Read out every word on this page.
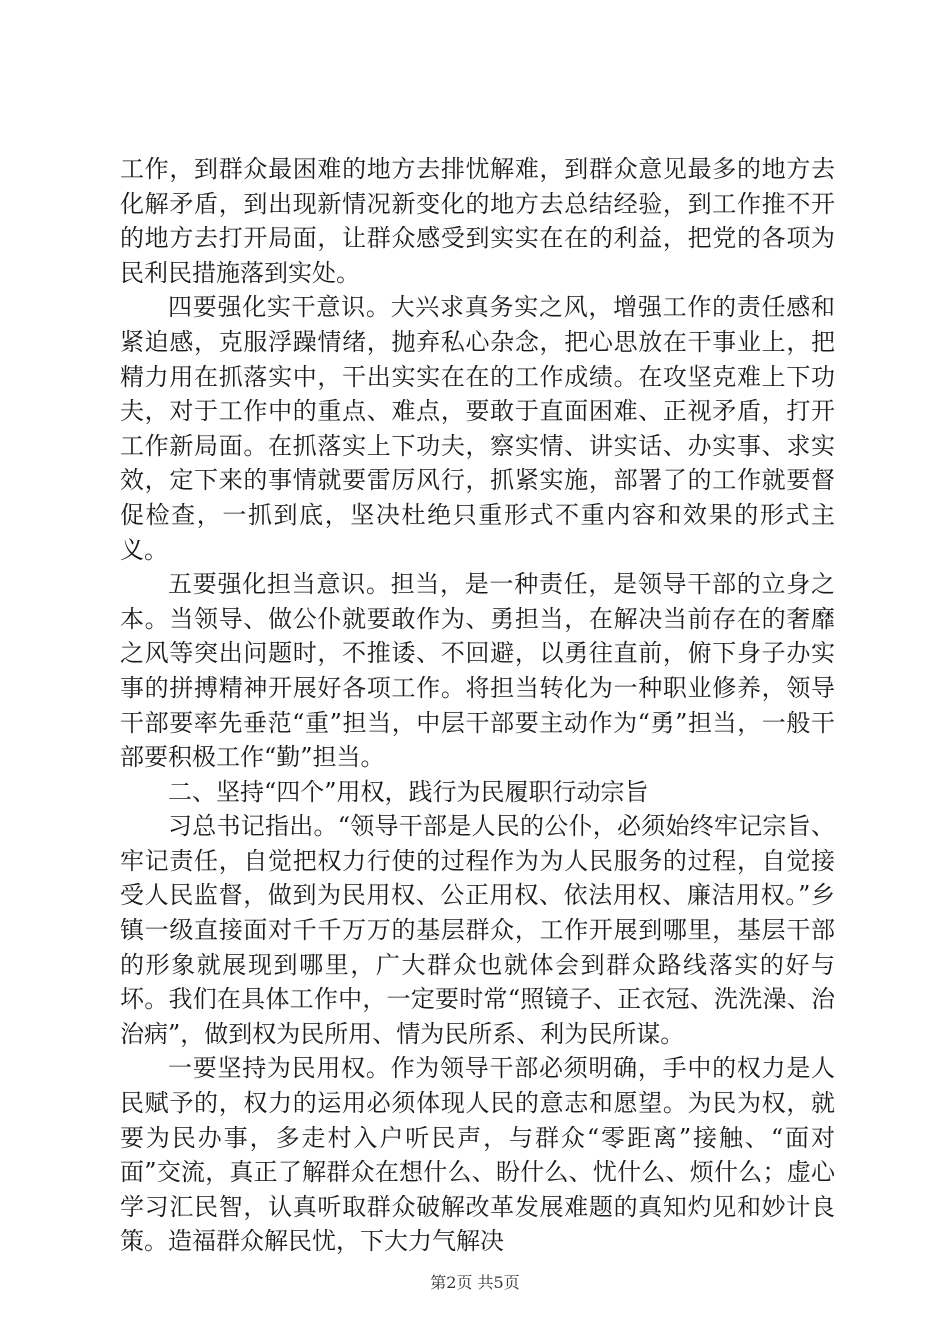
工作，到群众最困难的地方去排忧解难，到群众意见最多的地方去化解矛盾，到出现新情况新变化的地方去总结经验，到工作推不开的地方去打开局面，让群众感受到实实在在的利益，把党的各项为民利民措施落到实处。

四要强化实干意识。大兴求真务实之风，增强工作的责任感和紧迫感，克服浮躁情绪，抛弃私心杂念，把心思放在干事业上，把精力用在抓落实中，干出实实在在的工作成绩。在攻坚克难上下功夫，对于工作中的重点、难点，要敢于直面困难、正视矛盾，打开工作新局面。在抓落实上下功夫，察实情、讲实话、办实事、求实效，定下来的事情就要雷厉风行，抓紧实施，部署了的工作就要督促检查，一抓到底，坚决杜绝只重形式不重内容和效果的形式主义。

五要强化担当意识。担当，是一种责任，是领导干部的立身之本。当领导、做公仆就要敢作为、勇担当，在解决当前存在的奢靡之风等突出问题时，不推诿、不回避，以勇往直前，俯下身子办实事的拼搏精神开展好各项工作。将担当转化为一种职业修养，领导干部要率先垂范“重”担当，中层干部要主动作为“勇”担当，一般干部要积极工作“勤”担当。

二、坚持“四个”用权，践行为民履职行动宗旨

习总书记指出。“领导干部是人民的公仆，必须始终牢记宗旨、牢记责任，自觉把权力行使的过程作为为人民服务的过程，自觉接受人民监督，做到为民用权、公正用权、依法用权、廉洁用权。”乡镇一级直接面对千千万万的基层群众，工作开展到哪里，基层干部的形象就展现到哪里，广大群众也就体会到群众路线落实的好与坏。我们在具体工作中，一定要时常“照镜子、正衣冠、洗洗澡、治治病”，做到权为民所用、情为民所系、利为民所谋。

一要坚持为民用权。作为领导干部必须明确，手中的权力是人民赋予的，权力的运用必须体现人民的意志和愿望。为民为权，就要为民办事，多走村入户听民声，与群众“零距离”接触、“面对面”交流，真正了解群众在想什么、盼什么、忧什么、烦什么；虚心学习汇民智，认真听取群众破解改革发展难题的真知灼见和妙计良策。造福群众解民忧，下大力气解决

第2页 共5页
